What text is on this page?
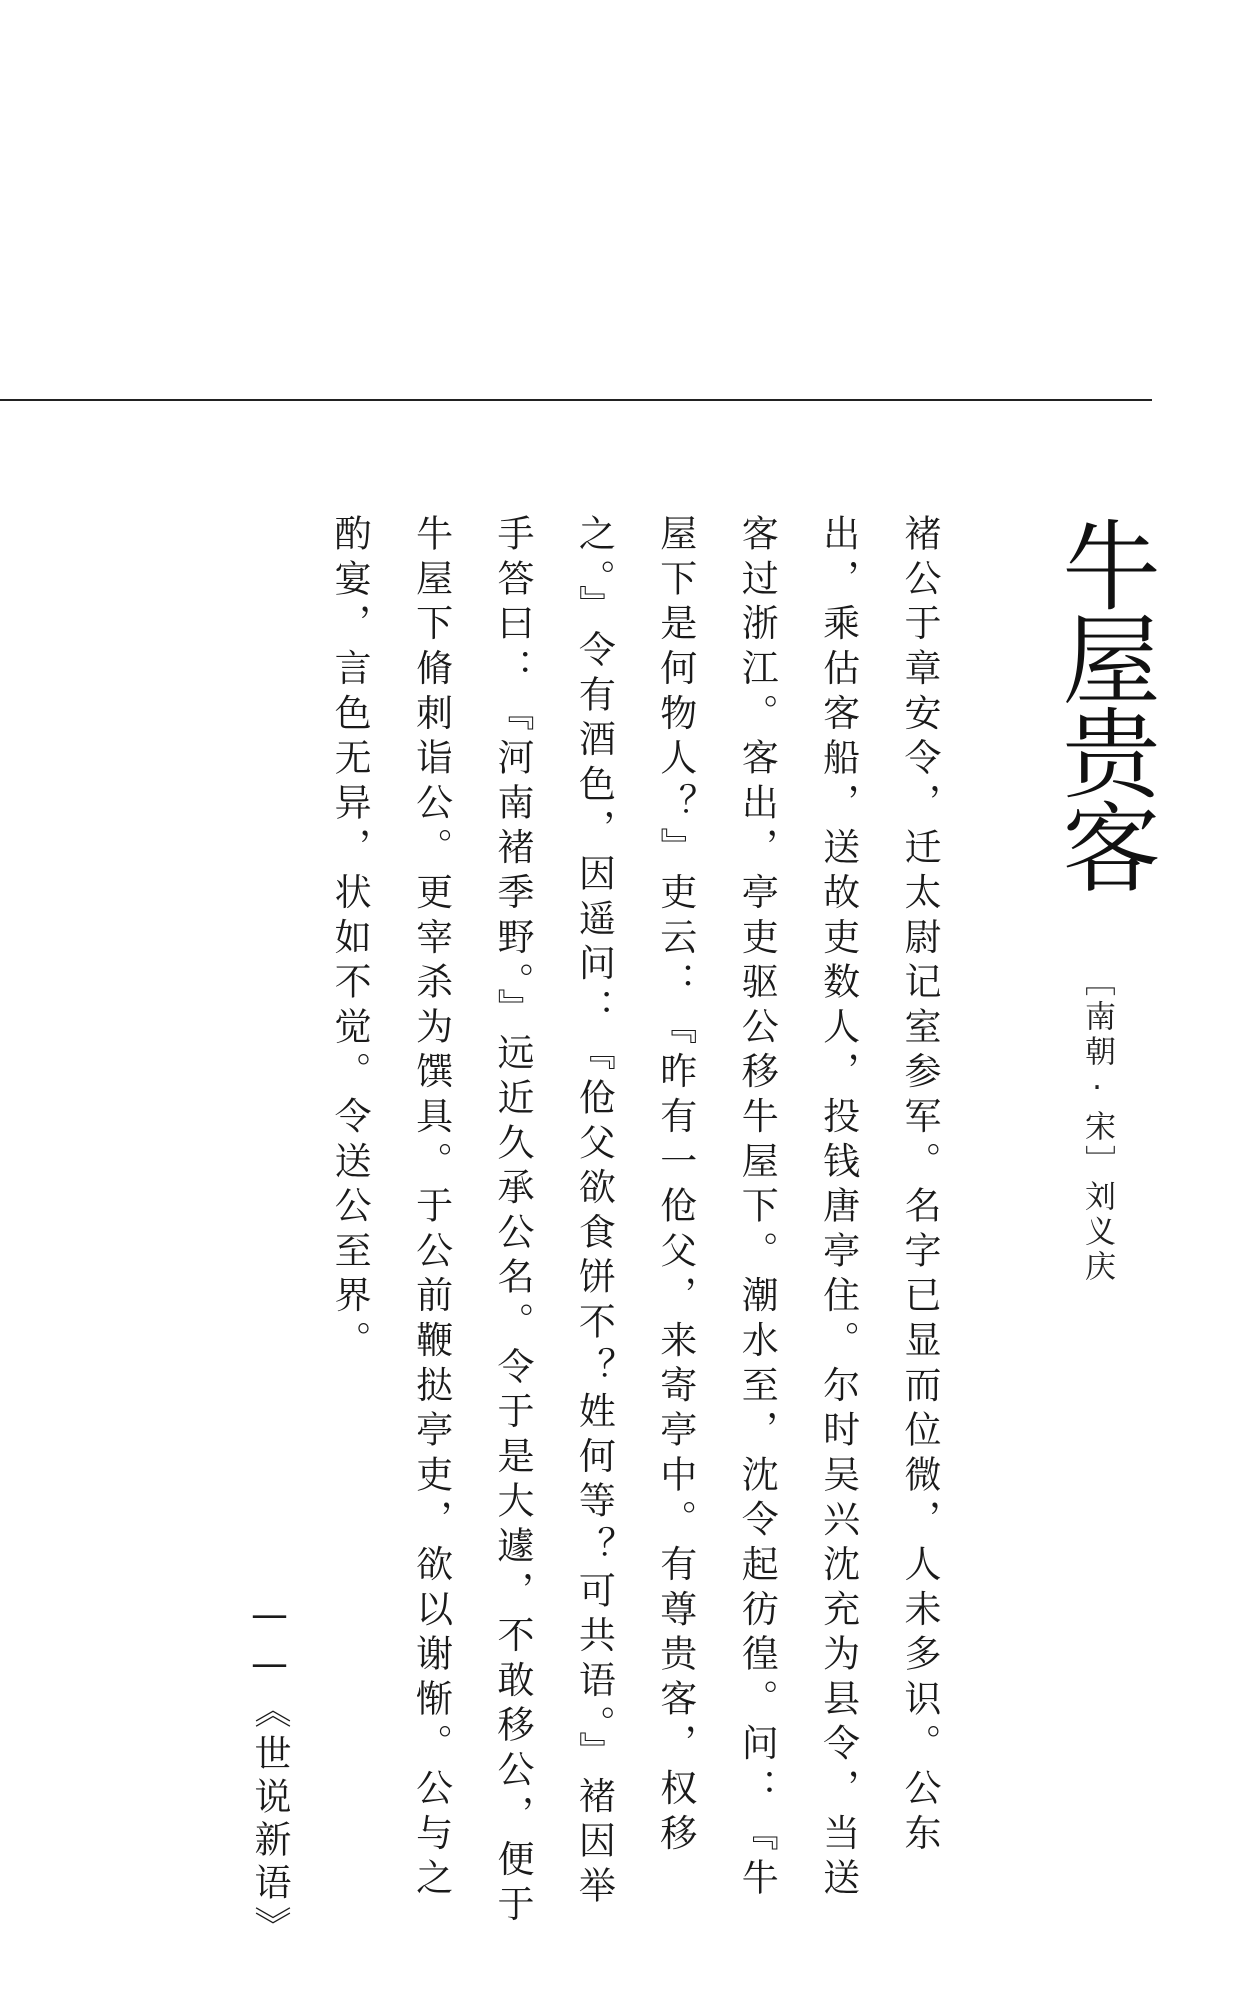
牛屋贵客
［南朝·宋］刘义庆
褚公于章安令，迁太尉记室参军。名字已显而位微，人未多识。公东出，乘估客船，送故吏数人，投钱唐亭住。尔时吴兴沈充为县令，当送客过浙江。客出，亭吏驱公移牛屋下。潮水至，沈令起彷徨。问：『牛屋下是何物人？』吏云：『昨有一伧父，来寄亭中。有尊贵客，权移之。』令有酒色，因遥问：『伧父欲食饼不？姓何等？可共语。』褚因举手答曰：『河南褚季野。』远近久承公名。令于是大遽，不敢移公，便于牛屋下脩刺诣公。更宰杀为馔具。于公前鞭挞亭吏，欲以谢惭。公与之酌宴，言色无异，状如不觉。令送公至界。
——《世说新语》
